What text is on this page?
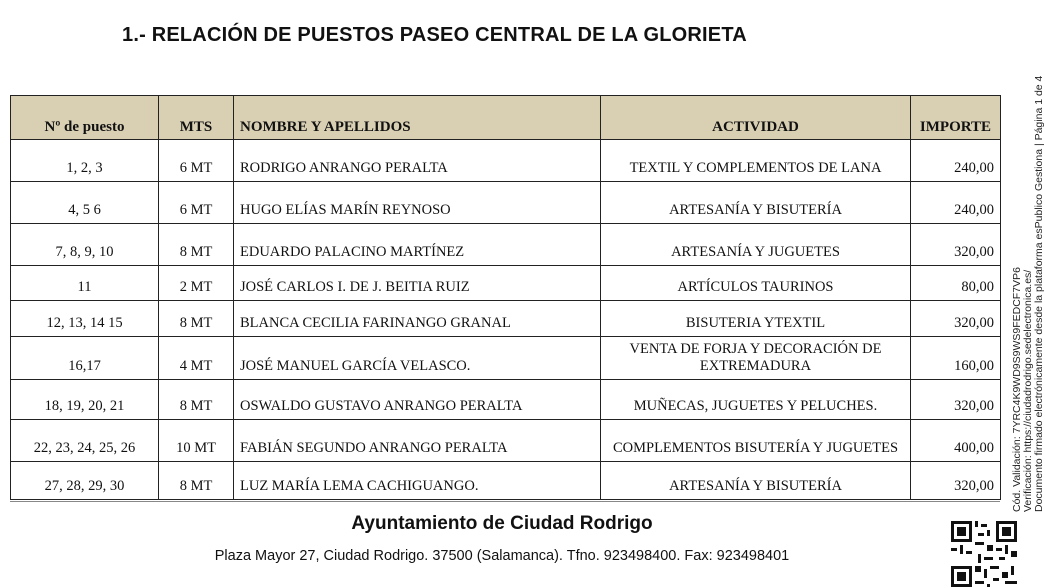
1.- RELACIÓN DE PUESTOS PASEO CENTRAL DE LA GLORIETA
Nº de puesto	MTS	NOMBRE Y APELLIDOS	ACTIVIDAD	IMPORTE
1, 2, 3	6 MT	RODRIGO ANRANGO PERALTA	TEXTIL Y COMPLEMENTOS DE LANA	240,00
4, 5 6	6 MT	HUGO ELÍAS MARÍN REYNOSO	ARTESANÍA Y BISUTERÍA	240,00
7, 8, 9, 10	8 MT	EDUARDO PALACINO MARTÍNEZ	ARTESANÍA Y JUGUETES	320,00
11	2 MT	JOSÉ CARLOS I. DE J. BEITIA RUIZ	ARTÍCULOS TAURINOS	80,00
12, 13, 14 15	8 MT	BLANCA CECILIA FARINANGO GRANAL	BISUTERIA YTEXTIL	320,00
16,17	4 MT	JOSÉ MANUEL GARCÍA VELASCO.	VENTA DE FORJA Y DECORACIÓN DE EXTREMADURA	160,00
18, 19, 20, 21	8 MT	OSWALDO GUSTAVO ANRANGO PERALTA	MUÑECAS, JUGUETES Y PELUCHES.	320,00
22, 23, 24, 25, 26	10 MT	FABIÁN SEGUNDO ANRANGO PERALTA	COMPLEMENTOS BISUTERÍA Y JUGUETES	400,00
27, 28, 29, 30	8 MT	LUZ MARÍA LEMA CACHIGUANGO.	ARTESANÍA Y BISUTERÍA	320,00
Ayuntamiento de Ciudad Rodrigo
Plaza Mayor 27, Ciudad Rodrigo. 37500 (Salamanca). Tfno. 923498400. Fax: 923498401
Cód. Validación: 7YRC4K9WD9S9WS9FEDCF7VP6 Verificación: https://ciudadrodrigo.sedelectronica.es/ Documento firmado electrónicamente desde la plataforma esPublico Gestiona | Página 1 de 4
